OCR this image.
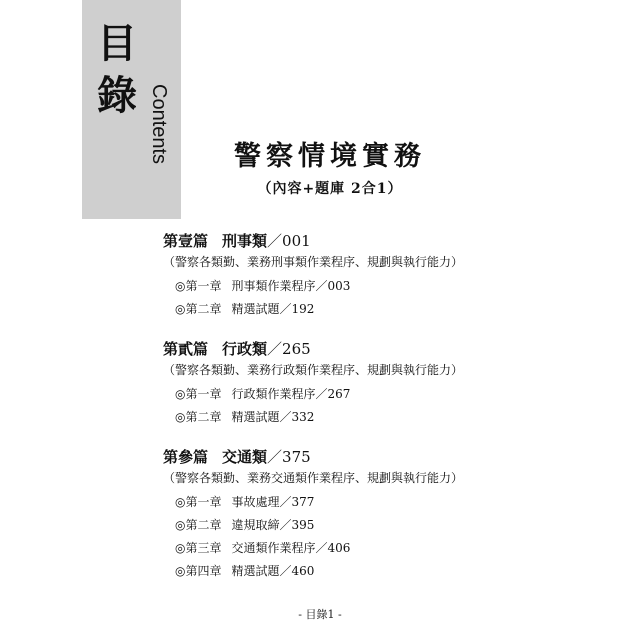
目
錄 Contents	警察情境實務
（內容+題庫 2合1）
第壹篇 刑事類／001
（警察各類勤、業務刑事類作業程序、規劃與執行能力）
◎第一章 刑事類作業程序／003
◎第二章 精選試題／192
第貳篇 行政類／265
（警察各類勤、業務行政類作業程序、規劃與執行能力）
◎第一章 行政類作業程序／267
◎第二章 精選試題／332
第參篇 交通類／375
（警察各類勤、業務交通類作業程序、規劃與執行能力）
◎第一章 事故處理／377
◎第二章 違規取締／395
◎第三章 交通類作業程序／406
◎第四章 精選試題／460
- 目錄1 -
